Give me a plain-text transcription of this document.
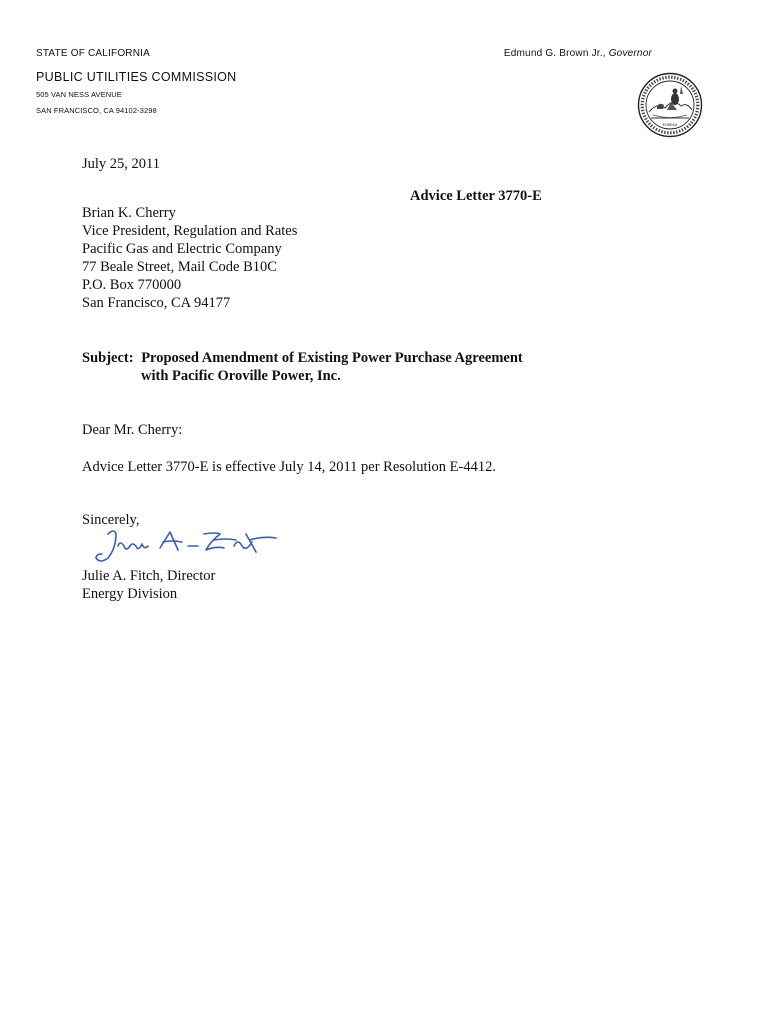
STATE OF CALIFORNIA	Edmund G. Brown Jr., Governor
PUBLIC UTILITIES COMMISSION
505 VAN NESS AVENUE
SAN FRANCISCO, CA 94102-3298
EUREKA
July 25, 2011
Advice Letter 3770-E
Brian K. Cherry
Vice President, Regulation and Rates
Pacific Gas and Electric Company
77 Beale Street, Mail Code B10C
P.O. Box 770000
San Francisco, CA 94177
Subject: Proposed Amendment of Existing Power Purchase Agreement
with Pacific Oroville Power, Inc.
Dear Mr. Cherry:
Advice Letter 3770-E is effective July 14, 2011 per Resolution E-4412.
Sincerely,
Julie A. Fitch, Director
Energy Division
